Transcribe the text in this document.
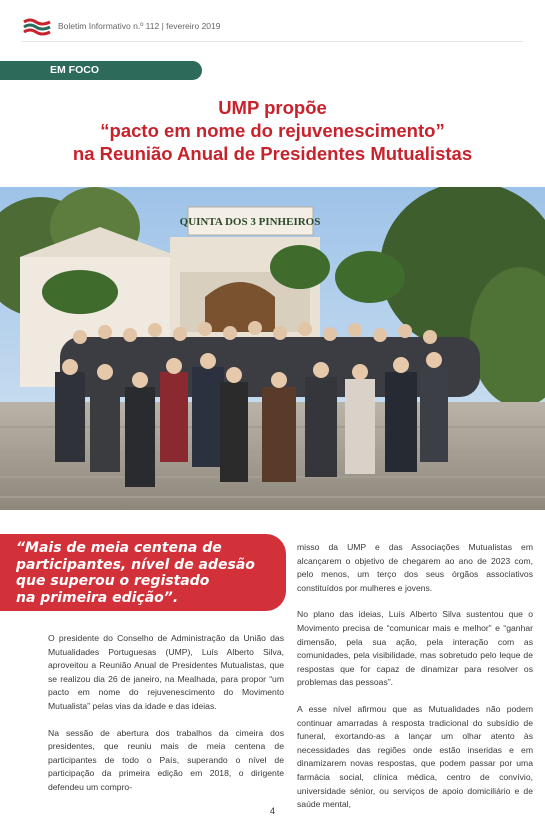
Boletim Informativo n.º 112 | fevereiro 2019
EM FOCO
UMP propõe
“pacto em nome do rejuvenescimento”
na Reunião Anual de Presidentes Mutualistas
QUINTA DOS 3 PINHEIROS
“Mais de meia centena de
participantes, nível de adesão
que superou o registado
na primeira edição”.

O presidente do Conselho de Administração da União das Mutualidades Portuguesas (UMP), Luís Alberto Silva, aproveitou a Reunião Anual de Presidentes Mutualistas, que se realizou dia 26 de janeiro, na Mealhada, para propor “um pacto em nome do rejuvenescimento do Movimento Mutualista” pelas vias da idade e das ideias.

Na sessão de abertura dos trabalhos da cimeira dos presidentes, que reuniu mais de meia centena de participantes de todo o País, superando o nível de participação da primeira edição em 2018, o dirigente defendeu um compro-

misso da UMP e das Associações Mutualistas em alcançarem o objetivo de chegarem ao ano de 2023 com, pelo menos, um terço dos seus órgãos associativos constituídos por mulheres e jovens.

No plano das ideias, Luís Alberto Silva sustentou que o Movimento precisa de “comunicar mais e melhor” e “ganhar dimensão, pela sua ação, pela interação com as comunidades, pela visibilidade, mas sobretudo pelo leque de respostas que for capaz de dinamizar para resolver os problemas das pessoas”.

A esse nível afirmou que as Mutualidades não podem continuar amarradas à resposta tradicional do subsídio de funeral, exortando-as a lançar um olhar atento às necessidades das regiões onde estão inseridas e em dinamizarem novas respostas, que podem passar por uma farmácia social, clínica médica, centro de convívio, universidade sénior, ou serviços de apoio domiciliário e de saúde mental,

4
